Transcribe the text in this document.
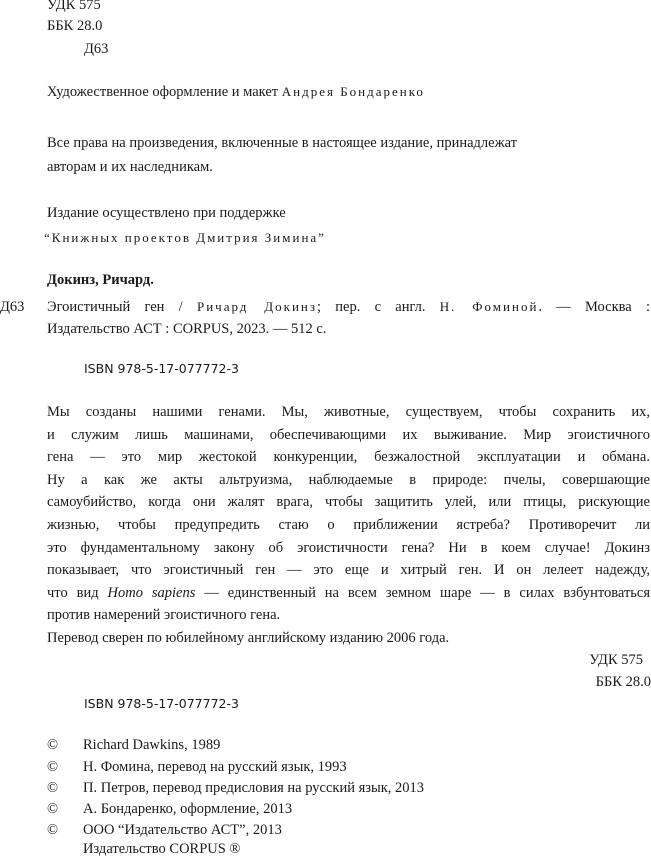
УДК 575
ББК 28.0
Д63
Художественное оформление и макет Андрея Бондаренко
Все права на произведения, включенные в настоящее издание, принадлежат
авторам и их наследникам.
Издание осуществлено при поддержке
“Книжных проектов Дмитрия Зимина”
Докинз, Ричард.
Д63 Эгоистичный ген / Ричард Докинз; пер. с англ. Н. Фоминой. — Москва :
Издательство АСТ : CORPUS, 2023. — 512 с.
ISBN 978-5-17-077772-3
Мы созданы нашими генами. Мы, животные, существуем, чтобы сохранить их,
и служим лишь машинами, обеспечивающими их выживание. Мир эгоистичного
гена — это мир жестокой конкуренции, безжалостной эксплуатации и обмана.
Ну а как же акты альтруизма, наблюдаемые в природе: пчелы, совершающие
самоубийство, когда они жалят врага, чтобы защитить улей, или птицы, рискующие
жизнью, чтобы предупредить стаю о приближении ястреба? Противоречит ли
это фундаментальному закону об эгоистичности гена? Ни в коем случае! Докинз
показывает, что эгоистичный ген — это еще и хитрый ген. И он лелеет надежду,
что вид Homo sapiens — единственный на всем земном шаре — в силах взбунтоваться
против намерений эгоистичного гена.
Перевод сверен по юбилейному английскому изданию 2006 года.
УДК 575
ББК 28.0
ISBN 978-5-17-077772-3
© Richard Dawkins, 1989
© Н. Фомина, перевод на русский язык, 1993
© П. Петров, перевод предисловия на русский язык, 2013
© А. Бондаренко, оформление, 2013
© ООО “Издательство АСТ”, 2013
Издательство CORPUS ®
